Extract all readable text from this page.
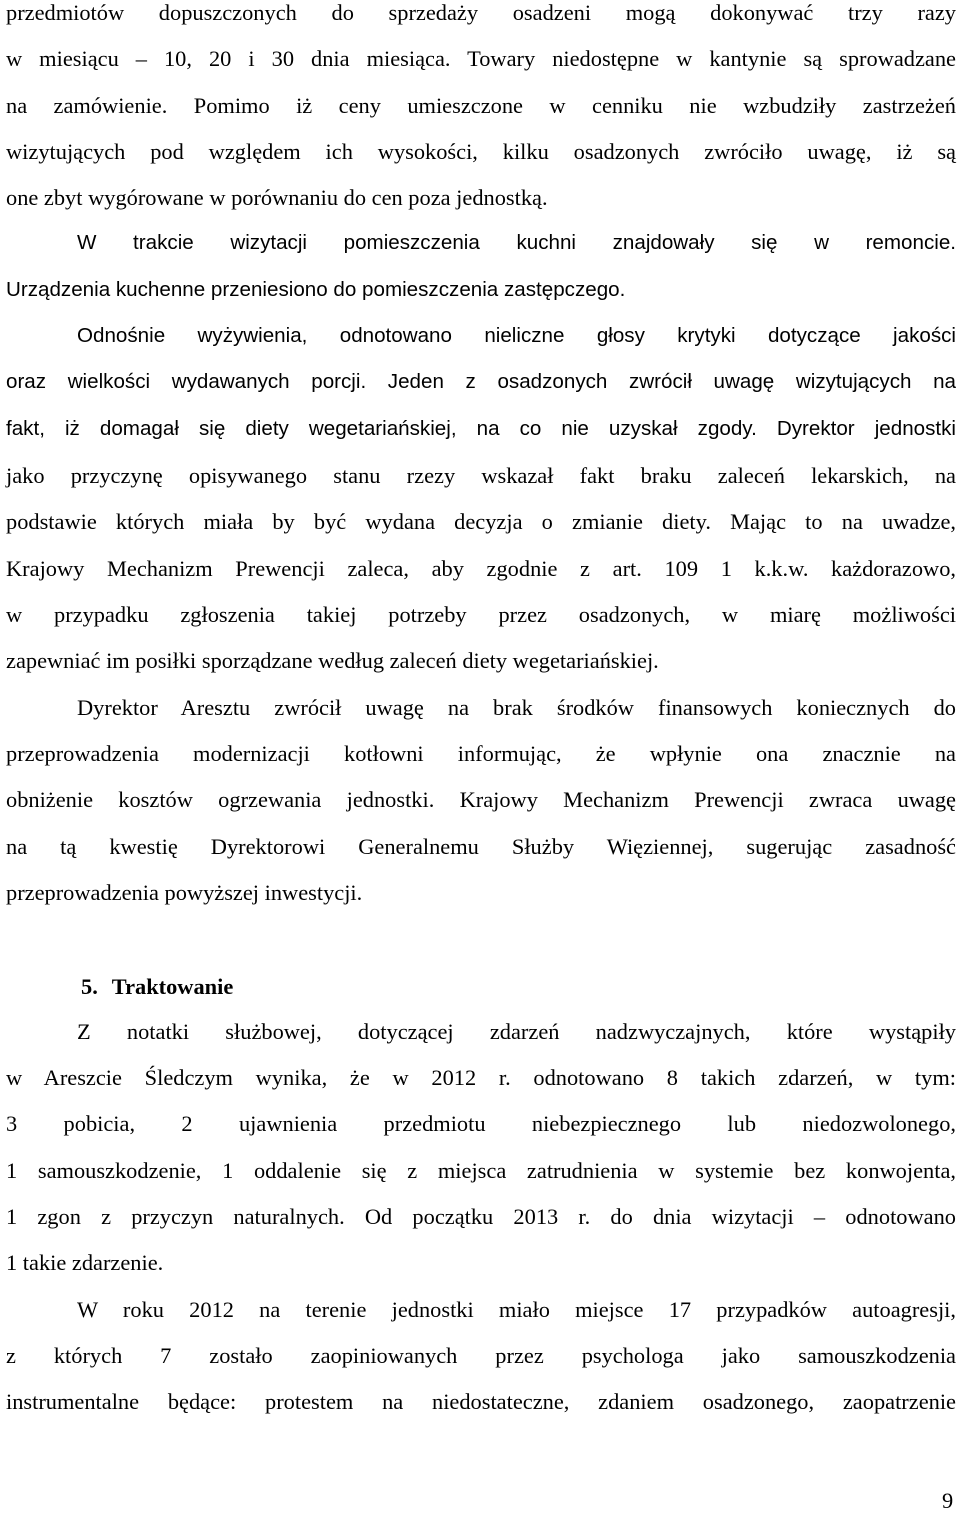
przedmiotów dopuszczonych do sprzedaży osadzeni mogą dokonywać trzy razy
w miesiącu – 10, 20 i 30 dnia miesiąca. Towary niedostępne w kantynie są sprowadzane
na zamówienie. Pomimo iż ceny umieszczone w cenniku nie wzbudziły zastrzeżeń
wizytujących pod względem ich wysokości, kilku osadzonych zwróciło uwagę, iż są
one zbyt wygórowane w porównaniu do cen poza jednostką.
W trakcie wizytacji pomieszczenia kuchni znajdowały się w remoncie.
Urządzenia kuchenne przeniesiono do pomieszczenia zastępczego.
Odnośnie wyżywienia, odnotowano nieliczne głosy krytyki dotyczące jakości
oraz wielkości wydawanych porcji. Jeden z osadzonych zwrócił uwagę wizytujących na
fakt, iż domagał się diety wegetariańskiej, na co nie uzyskał zgody. Dyrektor jednostki
jako przyczynę opisywanego stanu rzezy wskazał fakt braku zaleceń lekarskich, na
podstawie których miała by być wydana decyzja o zmianie diety. Mając to na uwadze,
Krajowy Mechanizm Prewencji zaleca, aby zgodnie z art. 109 1 k.k.w. każdorazowo,
w przypadku zgłoszenia takiej potrzeby przez osadzonych, w miarę możliwości
zapewniać im posiłki sporządzane według zaleceń diety wegetariańskiej.
Dyrektor Aresztu zwrócił uwagę na brak środków finansowych koniecznych do
przeprowadzenia modernizacji kotłowni informując, że wpłynie ona znacznie na
obniżenie kosztów ogrzewania jednostki. Krajowy Mechanizm Prewencji zwraca uwagę
na tą kwestię Dyrektorowi Generalnemu Służby Więziennej, sugerując zasadność
przeprowadzenia powyższej inwestycji.
5. Traktowanie
Z notatki służbowej, dotyczącej zdarzeń nadzwyczajnych, które wystąpiły
w Areszcie Śledczym wynika, że w 2012 r. odnotowano 8 takich zdarzeń, w tym:
3 pobicia, 2 ujawnienia przedmiotu niebezpiecznego lub niedozwolonego,
1 samouszkodzenie, 1 oddalenie się z miejsca zatrudnienia w systemie bez konwojenta,
1 zgon z przyczyn naturalnych. Od początku 2013 r. do dnia wizytacji – odnotowano
1 takie zdarzenie.
W roku 2012 na terenie jednostki miało miejsce 17 przypadków autoagresji,
z których 7 zostało zaopiniowanych przez psychologa jako samouszkodzenia
instrumentalne będące: protestem na niedostateczne, zdaniem osadzonego, zaopatrzenie
9
